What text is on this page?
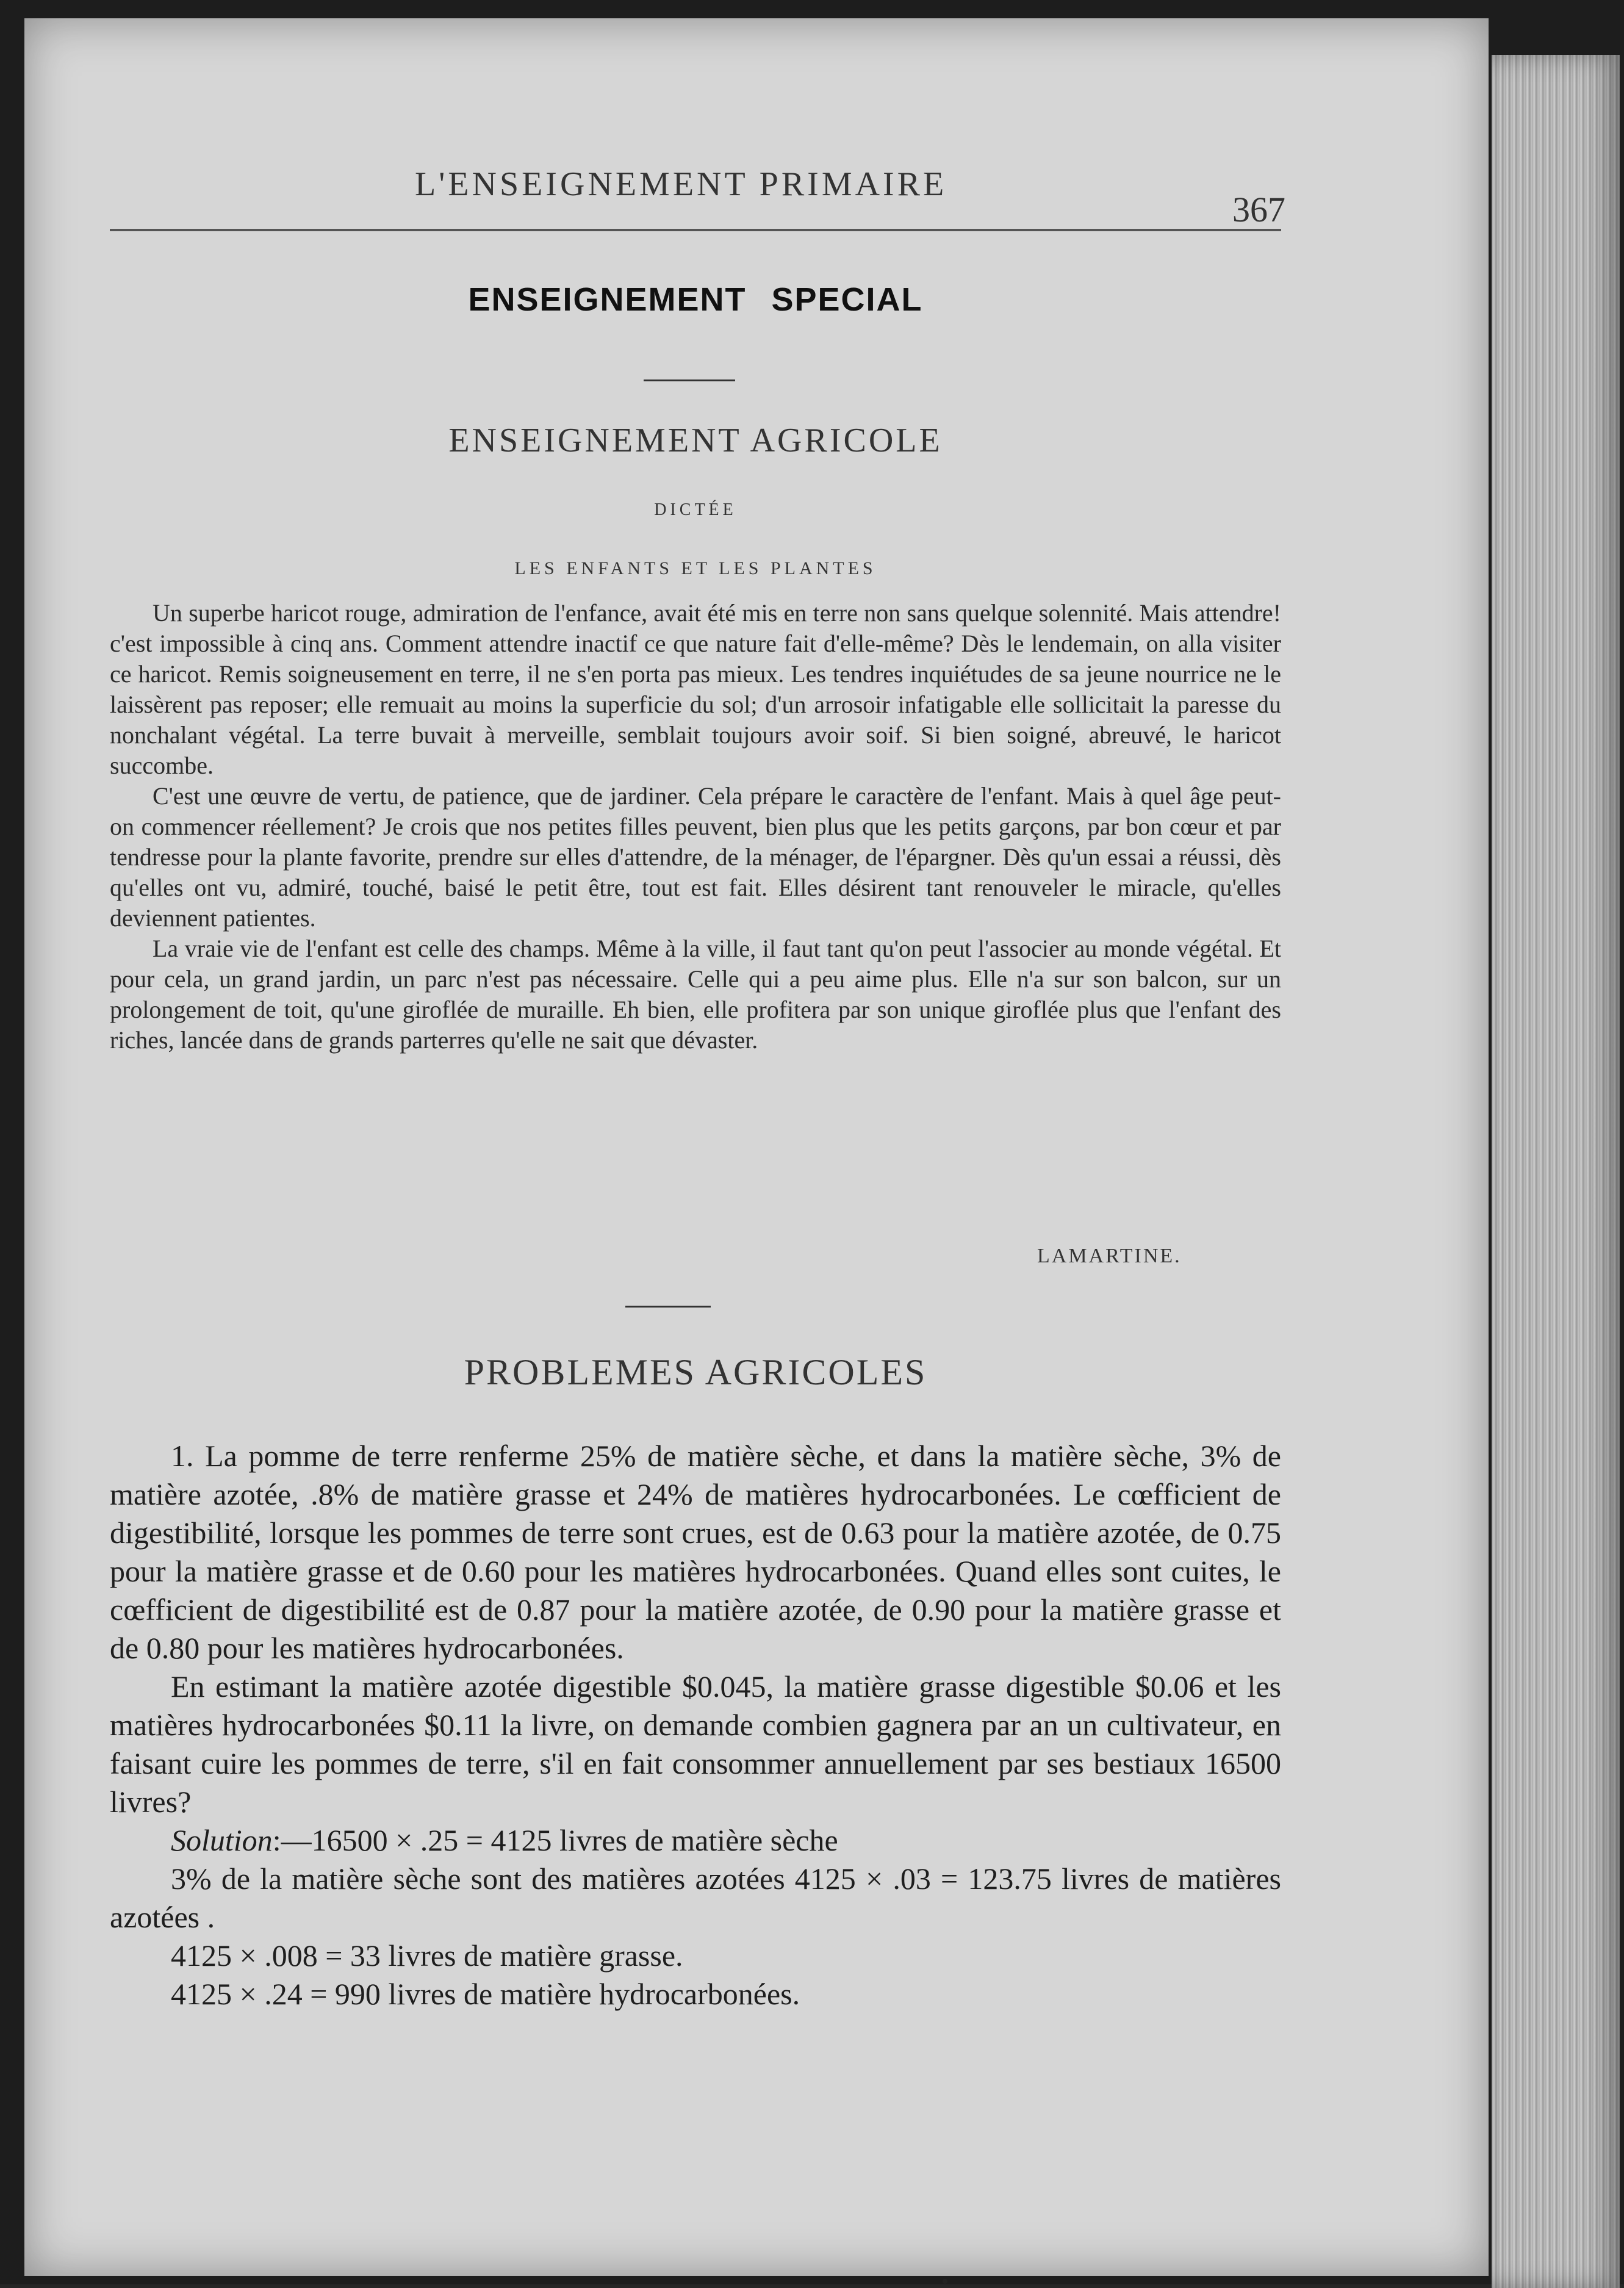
L'ENSEIGNEMENT PRIMAIRE
367
ENSEIGNEMENT SPECIAL
ENSEIGNEMENT AGRICOLE
DICTÉE
LES ENFANTS ET LES PLANTES

Un superbe haricot rouge, admiration de l'enfance, avait été mis en terre non sans quelque solennité. Mais attendre! c'est impossible à cinq ans. Comment attendre inactif ce que nature fait d'elle-même? Dès le lendemain, on alla visiter ce haricot. Remis soigneusement en terre, il ne s'en porta pas mieux. Les tendres inquiétudes de sa jeune nourrice ne le laissèrent pas reposer; elle remuait au moins la superficie du sol; d'un arrosoir infatigable elle sollicitait la paresse du nonchalant végétal. La terre buvait à merveille, semblait toujours avoir soif. Si bien soigné, abreuvé, le haricot succombe.

C'est une œuvre de vertu, de patience, que de jardiner. Cela prépare le caractère de l'enfant. Mais à quel âge peut-on commencer réellement? Je crois que nos petites filles peuvent, bien plus que les petits garçons, par bon cœur et par tendresse pour la plante favorite, prendre sur elles d'attendre, de la ménager, de l'épargner. Dès qu'un essai a réussi, dès qu'elles ont vu, admiré, touché, baisé le petit être, tout est fait. Elles désirent tant renouveler le miracle, qu'elles deviennent patientes.

La vraie vie de l'enfant est celle des champs. Même à la ville, il faut tant qu'on peut l'associer au monde végétal. Et pour cela, un grand jardin, un parc n'est pas nécessaire. Celle qui a peu aime plus. Elle n'a sur son balcon, sur un prolongement de toit, qu'une giroflée de muraille. Eh bien, elle profitera par son unique giroflée plus que l'enfant des riches, lancée dans de grands parterres qu'elle ne sait que dévaster.

LAMARTINE.
PROBLEMES AGRICOLES

1. La pomme de terre renferme 25% de matière sèche, et dans la matière sèche, 3% de matière azotée, .8% de matière grasse et 24% de matières hydrocarbonées. Le cœfficient de digestibilité, lorsque les pommes de terre sont crues, est de 0.63 pour la matière azotée, de 0.75 pour la matière grasse et de 0.60 pour les matières hydrocarbonées. Quand elles sont cuites, le cœfficient de digestibilité est de 0.87 pour la matière azotée, de 0.90 pour la matière grasse et de 0.80 pour les matières hydrocarbonées.

En estimant la matière azotée digestible $0.045, la matière grasse digestible $0.06 et les matières hydrocarbonées $0.11 la livre, on demande combien gagnera par an un cultivateur, en faisant cuire les pommes de terre, s'il en fait consommer annuellement par ses bestiaux 16500 livres?

Solution:—16500 × .25 = 4125 livres de matière sèche

3% de la matière sèche sont des matières azotées 4125 × .03 = 123.75 livres de matières azotées .

4125 × .008 = 33 livres de matière grasse.

4125 × .24 = 990 livres de matière hydrocarbonées.
